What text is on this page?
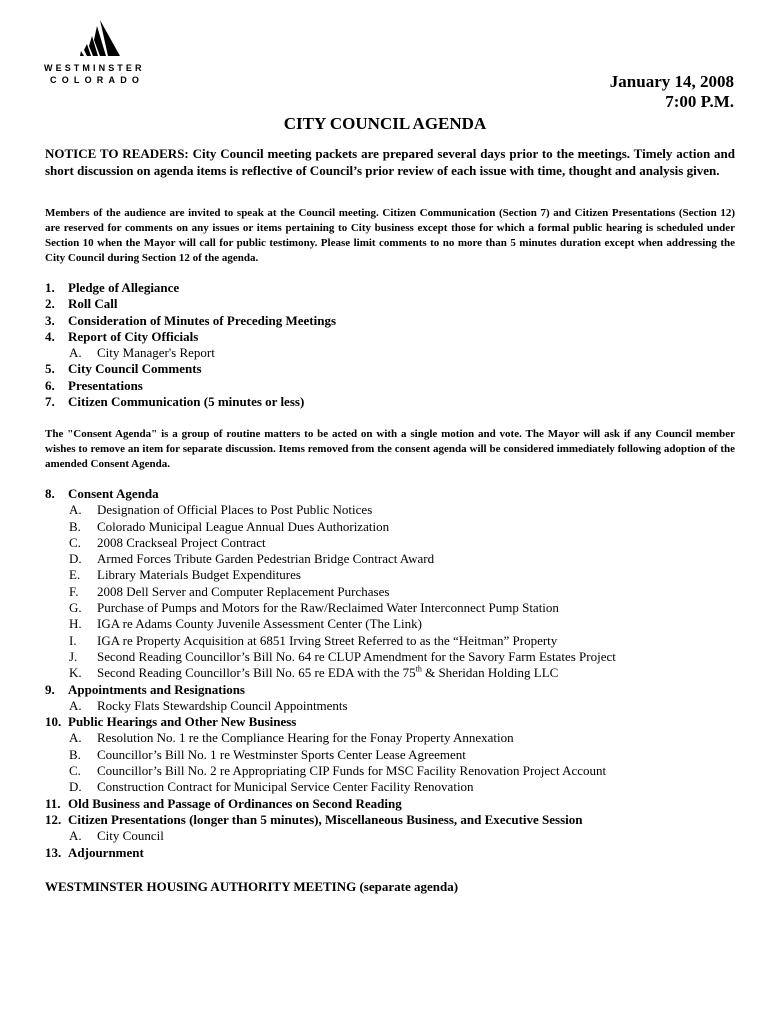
WESTMINSTER
COLORADO	January 14, 2008
7:00 P.M.
CITY COUNCIL AGENDA

NOTICE TO READERS: City Council meeting packets are prepared several days prior to the meetings. Timely action and short discussion on agenda items is reflective of Council’s prior review of each issue with time, thought and analysis given.

Members of the audience are invited to speak at the Council meeting. Citizen Communication (Section 7) and Citizen Presentations (Section 12) are reserved for comments on any issues or items pertaining to City business except those for which a formal public hearing is scheduled under Section 10 when the Mayor will call for public testimony. Please limit comments to no more than 5 minutes duration except when addressing the City Council during Section 12 of the agenda.

1. Pledge of Allegiance
2. Roll Call
3. Consideration of Minutes of Preceding Meetings
4. Report of City Officials
A. City Manager's Report
5. City Council Comments
6. Presentations
7. Citizen Communication (5 minutes or less)

The "Consent Agenda" is a group of routine matters to be acted on with a single motion and vote. The Mayor will ask if any Council member wishes to remove an item for separate discussion. Items removed from the consent agenda will be considered immediately following adoption of the amended Consent Agenda.

8. Consent Agenda
A. Designation of Official Places to Post Public Notices
B. Colorado Municipal League Annual Dues Authorization
C. 2008 Crackseal Project Contract
D. Armed Forces Tribute Garden Pedestrian Bridge Contract Award
E. Library Materials Budget Expenditures
F. 2008 Dell Server and Computer Replacement Purchases
G. Purchase of Pumps and Motors for the Raw/Reclaimed Water Interconnect Pump Station
H. IGA re Adams County Juvenile Assessment Center (The Link)
I. IGA re Property Acquisition at 6851 Irving Street Referred to as the “Heitman” Property
J. Second Reading Councillor’s Bill No. 64 re CLUP Amendment for the Savory Farm Estates Project
K. Second Reading Councillor’s Bill No. 65 re EDA with the 75th & Sheridan Holding LLC
9. Appointments and Resignations
A. Rocky Flats Stewardship Council Appointments
10. Public Hearings and Other New Business
A. Resolution No. 1 re the Compliance Hearing for the Fonay Property Annexation
B. Councillor’s Bill No. 1 re Westminster Sports Center Lease Agreement
C. Councillor’s Bill No. 2 re Appropriating CIP Funds for MSC Facility Renovation Project Account
D. Construction Contract for Municipal Service Center Facility Renovation
11. Old Business and Passage of Ordinances on Second Reading
12. Citizen Presentations (longer than 5 minutes), Miscellaneous Business, and Executive Session
A. City Council
13. Adjournment
WESTMINSTER HOUSING AUTHORITY MEETING (separate agenda)
